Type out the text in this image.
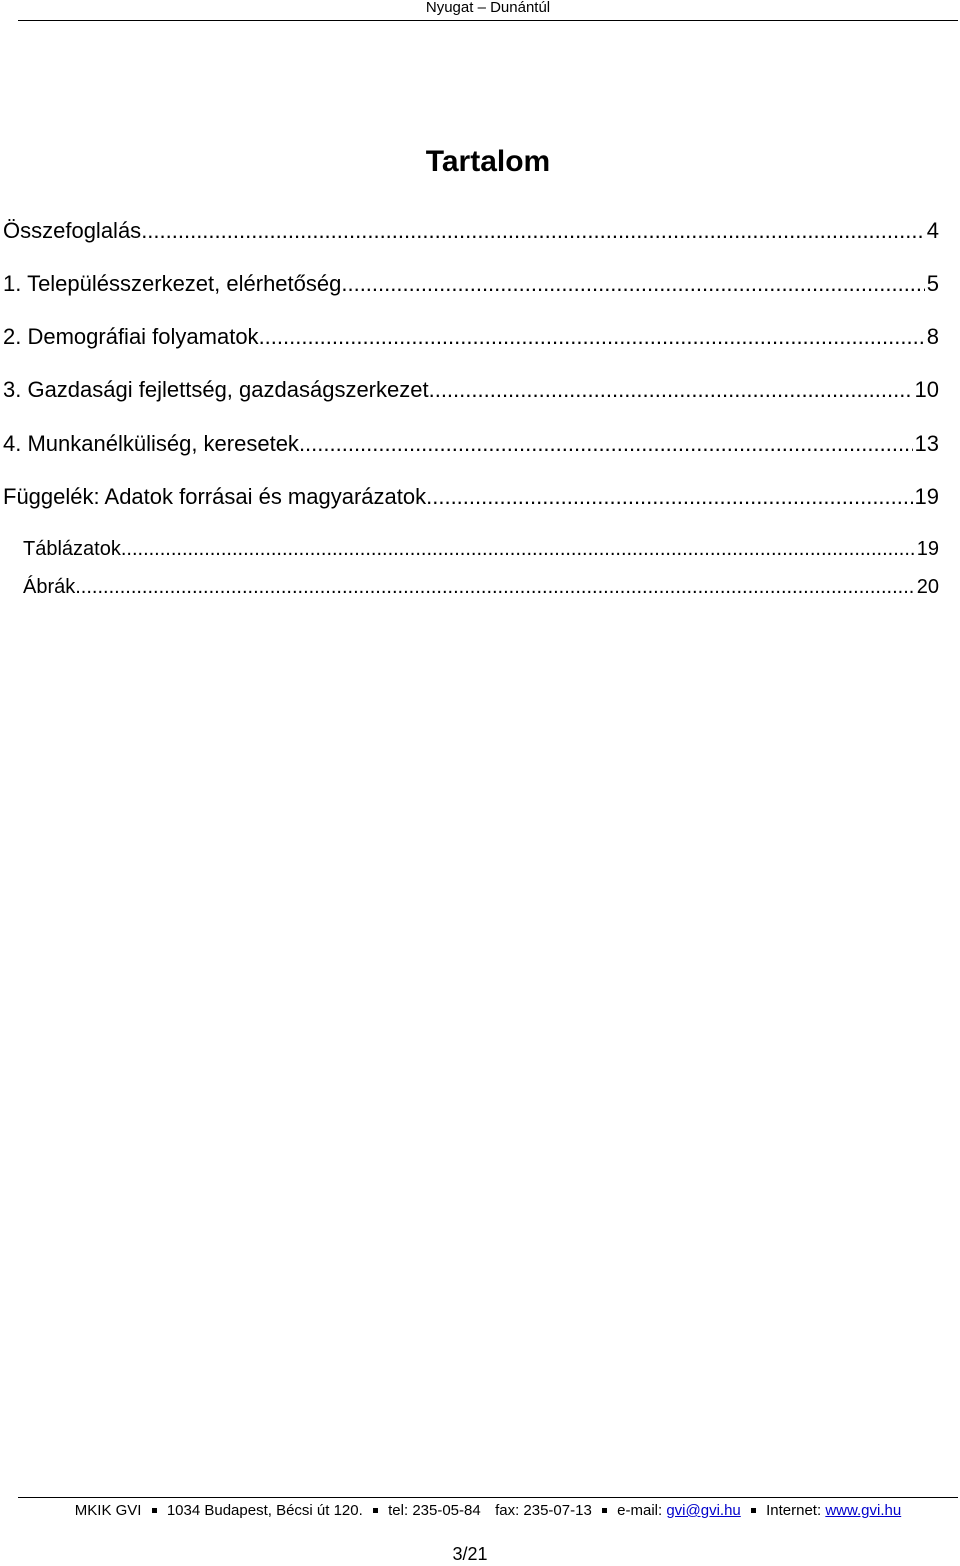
Nyugat – Dunántúl
Tartalom
Összefoglalás .....	4
1. Településszerkezet, elérhetőség .....	5
2. Demográfiai folyamatok .....	8
3. Gazdasági fejlettség, gazdaságszerkezet .....	10
4. Munkanélküliség, keresetek .....	13
Függelék: Adatok forrásai és magyarázatok .....	19
Táblázatok .....	19
Ábrák .....	20
MKIK GVI 1034 Budapest, Bécsi út 120. tel: 235-05-84 fax: 235-07-13 e-mail: gvi@gvi.hu Internet: www.gvi.hu
3/21
